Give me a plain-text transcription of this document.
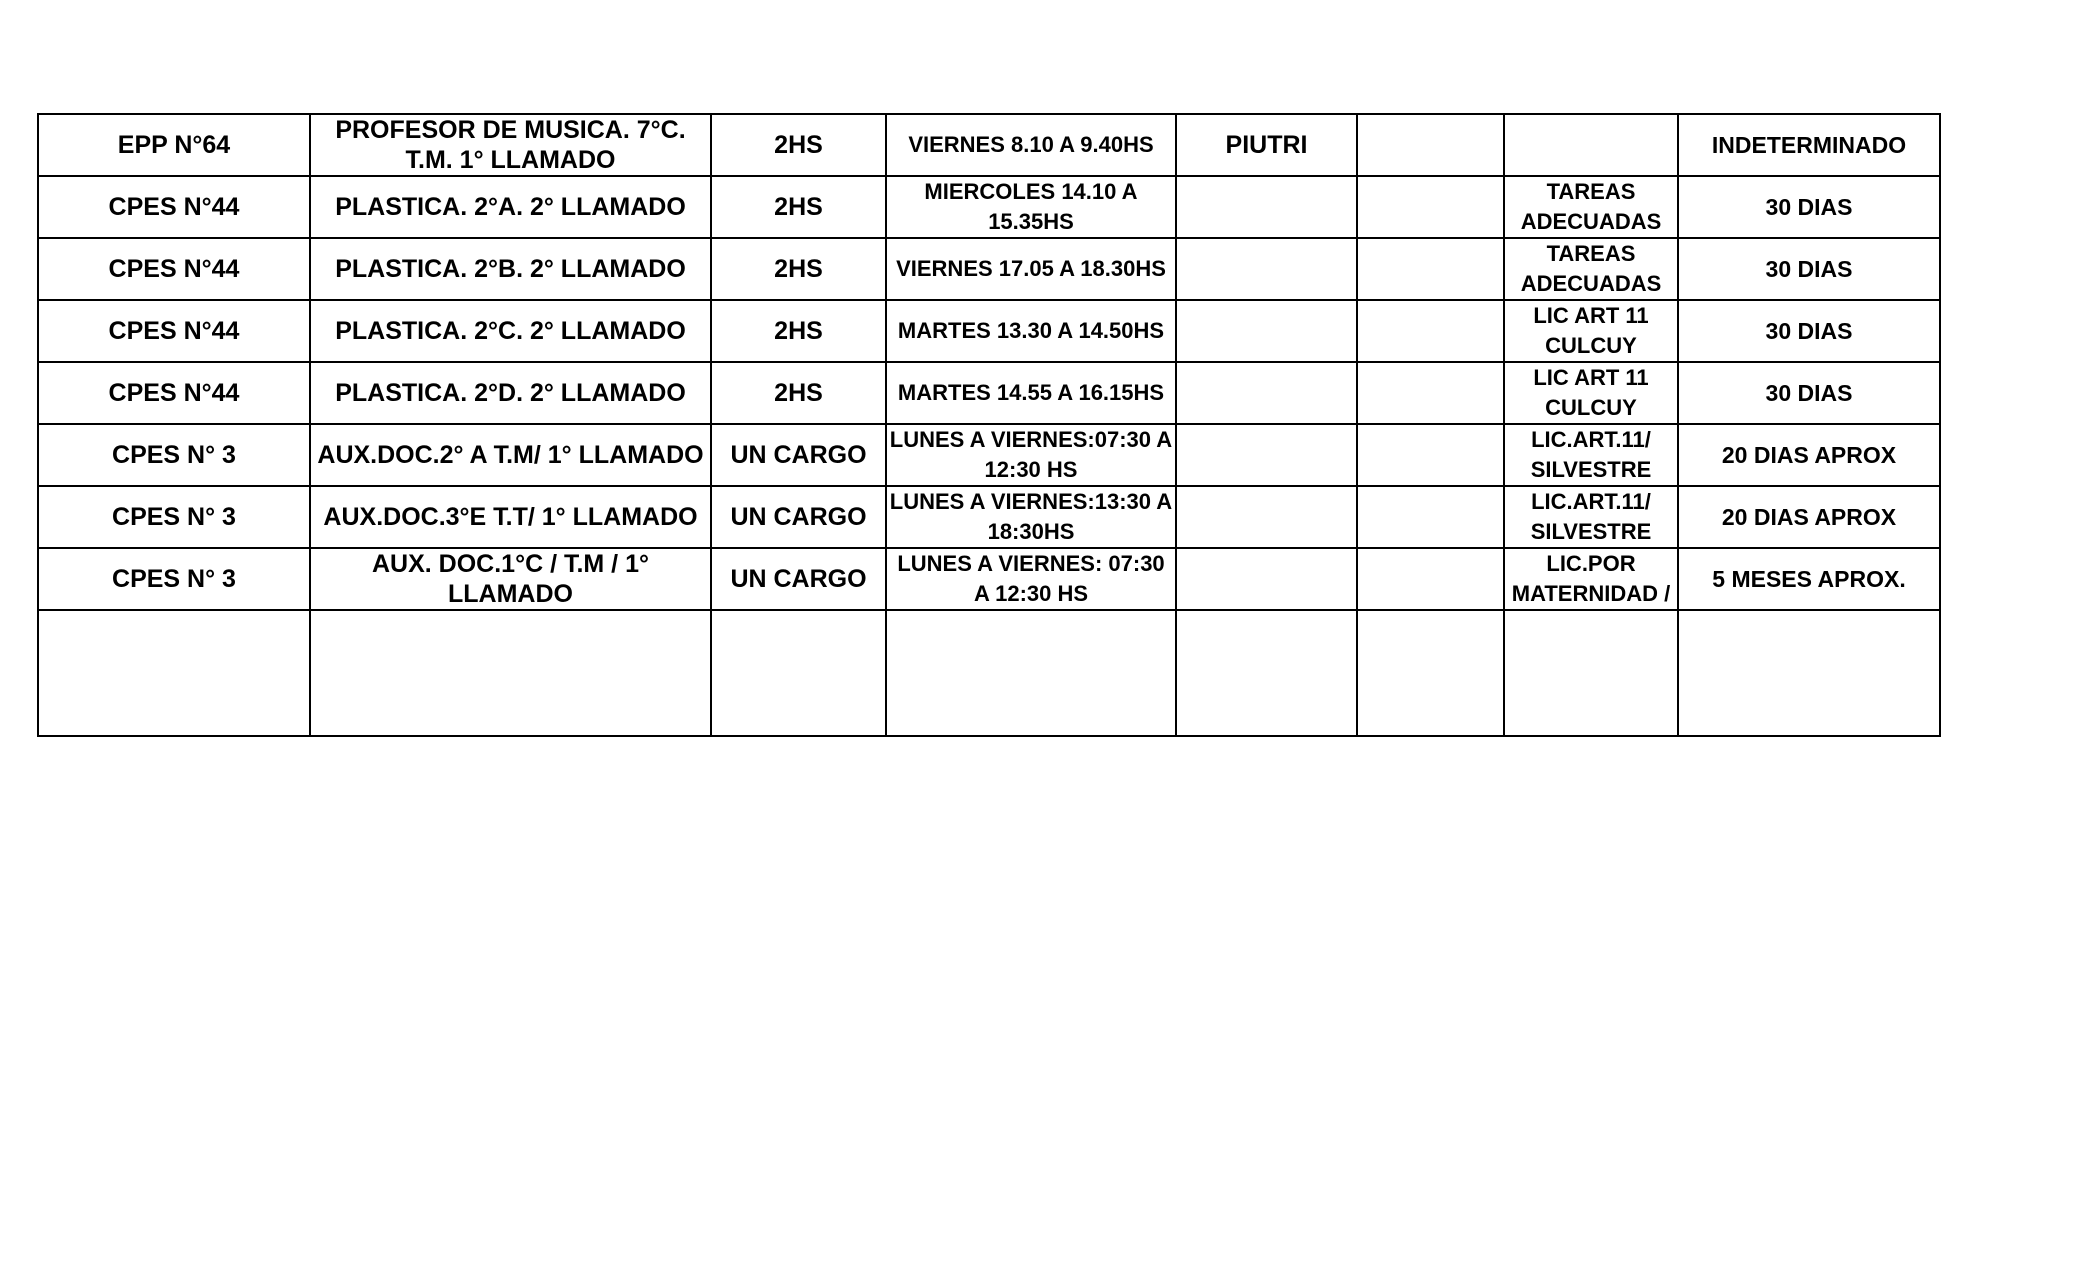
EPP N°64	PROFESOR DE MUSICA. 7°C. T.M. 1° LLAMADO	2HS	VIERNES 8.10 A 9.40HS	PIUTRI			INDETERMINADO

CPES N°44	PLASTICA. 2°A. 2° LLAMADO	2HS	MIERCOLES 14.10 A 15.35HS			TAREAS ADECUADAS	30 DIAS

CPES N°44	PLASTICA. 2°B. 2° LLAMADO	2HS	VIERNES 17.05 A 18.30HS			TAREAS ADECUADAS	30 DIAS

CPES N°44	PLASTICA. 2°C. 2° LLAMADO	2HS	MARTES 13.30 A 14.50HS			LIC ART 11 CULCUY	30 DIAS

CPES N°44	PLASTICA. 2°D. 2° LLAMADO	2HS	MARTES 14.55 A 16.15HS			LIC ART 11 CULCUY	30 DIAS

CPES N° 3	AUX.DOC.2° A T.M/ 1° LLAMADO	UN CARGO	LUNES A VIERNES:07:30 A 12:30 HS			LIC.ART.11/ SILVESTRE	20 DIAS APROX

CPES N° 3	AUX.DOC.3°E T.T/ 1° LLAMADO	UN CARGO	LUNES A VIERNES:13:30 A 18:30HS			LIC.ART.11/ SILVESTRE	20 DIAS APROX

CPES N° 3	AUX. DOC.1°C / T.M / 1° LLAMADO	UN CARGO	LUNES A VIERNES: 07:30 A 12:30 HS			LIC.POR MATERNIDAD /	5 MESES APROX.
